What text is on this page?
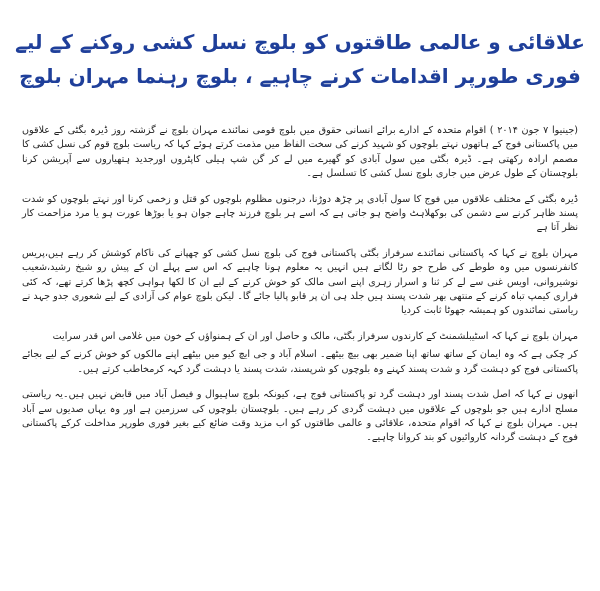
علاقائی و عالمی طاقتوں کو بلوچ نسل کشی روکنے کے لیے
فوری طورپر اقدامات کرنے چاہیے ، بلوچ رہنما مہران بلوچ

(جینیوا ۷ جون ۲۰۱۴ ) اقوام متحدہ کے ادارے برائے انسانی حقوق میں بلوچ قومی نمائندے مہران بلوچ نے گزشتہ روز ڈیرہ بگٹی کے علاقوں میں پاکستانی فوج کے ہاتھوں نہتے بلوچوں کو شہید کرنے کی سخت الفاظ میں مذمت کرتے ہوئے کہا کہ ریاست بلوچ قوم کی نسل کشی کا مصمم ارادہ رکھتی ہے۔ ڈیرہ بگٹی میں سول آبادی کو گھیرے میں لے کر گن شپ ہیلی کاپٹروں اورجدید ہتھیاروں سے آپریشن کرنا بلوچستان کے طول عرض میں جاری بلوچ نسل کشی کا تسلسل ہے۔

ڈیرہ بگٹی کے مختلف علاقوں میں فوج کا سول آبادی پر چڑھ دوڑنا، درجنوں مظلوم بلوچوں کو قتل و زخمی کرنا اور نہتے بلوچوں کو شدت پسند ظاہر کرنے سے دشمن کی بوکھلاہٹ واضح ہو جاتی ہے کہ اسے ہر بلوچ فرزند چاہے جوان ہو یا بوڑھا عورت ہو یا مرد مزاحمت کار نظر آتا ہے

مہران بلوچ نے کہا کہ پاکستانی نمائندے سرفراز بگٹی پاکستانی فوج کی بلوچ نسل کشی کو چھپانے کی ناکام کوشش کر رہے ہیں،پریس کانفرنسوں میں وہ طوطے کی طرح جو رٹا لگاتے ہیں انہیں یہ معلوم ہونا چاہیے کہ اس سے پہلے ان کے پیش رو شیخ رشید،شعیب نوشیروانی، اویس غنی سے لے کر ثنا و اسرار زہری اپنے اسی مالک کو خوش کرنے کے لیے ان کا لکھا ہواہی کچھ پڑھا کرتے تھے، کہ کئی فراری کیمپ تباہ کرنے کے منتھی بھر شدت پسند ہیں جلد ہی ان پر قابو پالیا جائے گا۔ لیکن بلوچ عوام کی آزادی کے لیے شعوری جدو جہد نے ریاستی نمائندوں کو ہمیشہ جھوٹا ثابت کردیا

مہران بلوچ نے کہا کہ اسٹیبلشمنٹ کے کارندوں سرفراز بگٹی، مالک و حاصل اور ان کے ہمنواؤں کے خون میں غلامی اس قدر سرایت

کر چکی ہے کہ وہ ایمان کے ساتھ ساتھ اپنا ضمیر بھی بیچ بیٹھے۔ اسلام آباد و جی ایچ کیو میں بیٹھے اپنے مالکوں کو خوش کرنے کے لیے بجائے پاکستانی فوج کو دہشت گرد و شدت پسند کہنے وہ بلوچوں کو شرپسند، شدت پسند یا دہشت گرد کہہ کرمخاطب کرتے ہیں۔

انھوں نے کہا کہ اصل شدت پسند اور دہشت گرد تو پاکستانی فوج ہے، کیونکہ بلوچ ساہیوال و فیصل آباد میں قابض نہیں ہیں۔یہ ریاستی مسلح ادارے ہیں جو بلوچوں کے علاقوں میں دہشت گردی کر رہے ہیں۔ بلوچستان بلوچوں کی سرزمین ہے اور وہ یہاں صدیوں سے آباد ہیں۔ مہران بلوچ نے کہا کہ اقوام متحدہ، علاقائی و عالمی طاقتوں کو اب مزید وقت ضائع کیے بغیر فوری طورپر مداخلت کرکے پاکستانی فوج کے دہشت گردانہ کاروائیوں کو بند کروانا چاہیے۔
